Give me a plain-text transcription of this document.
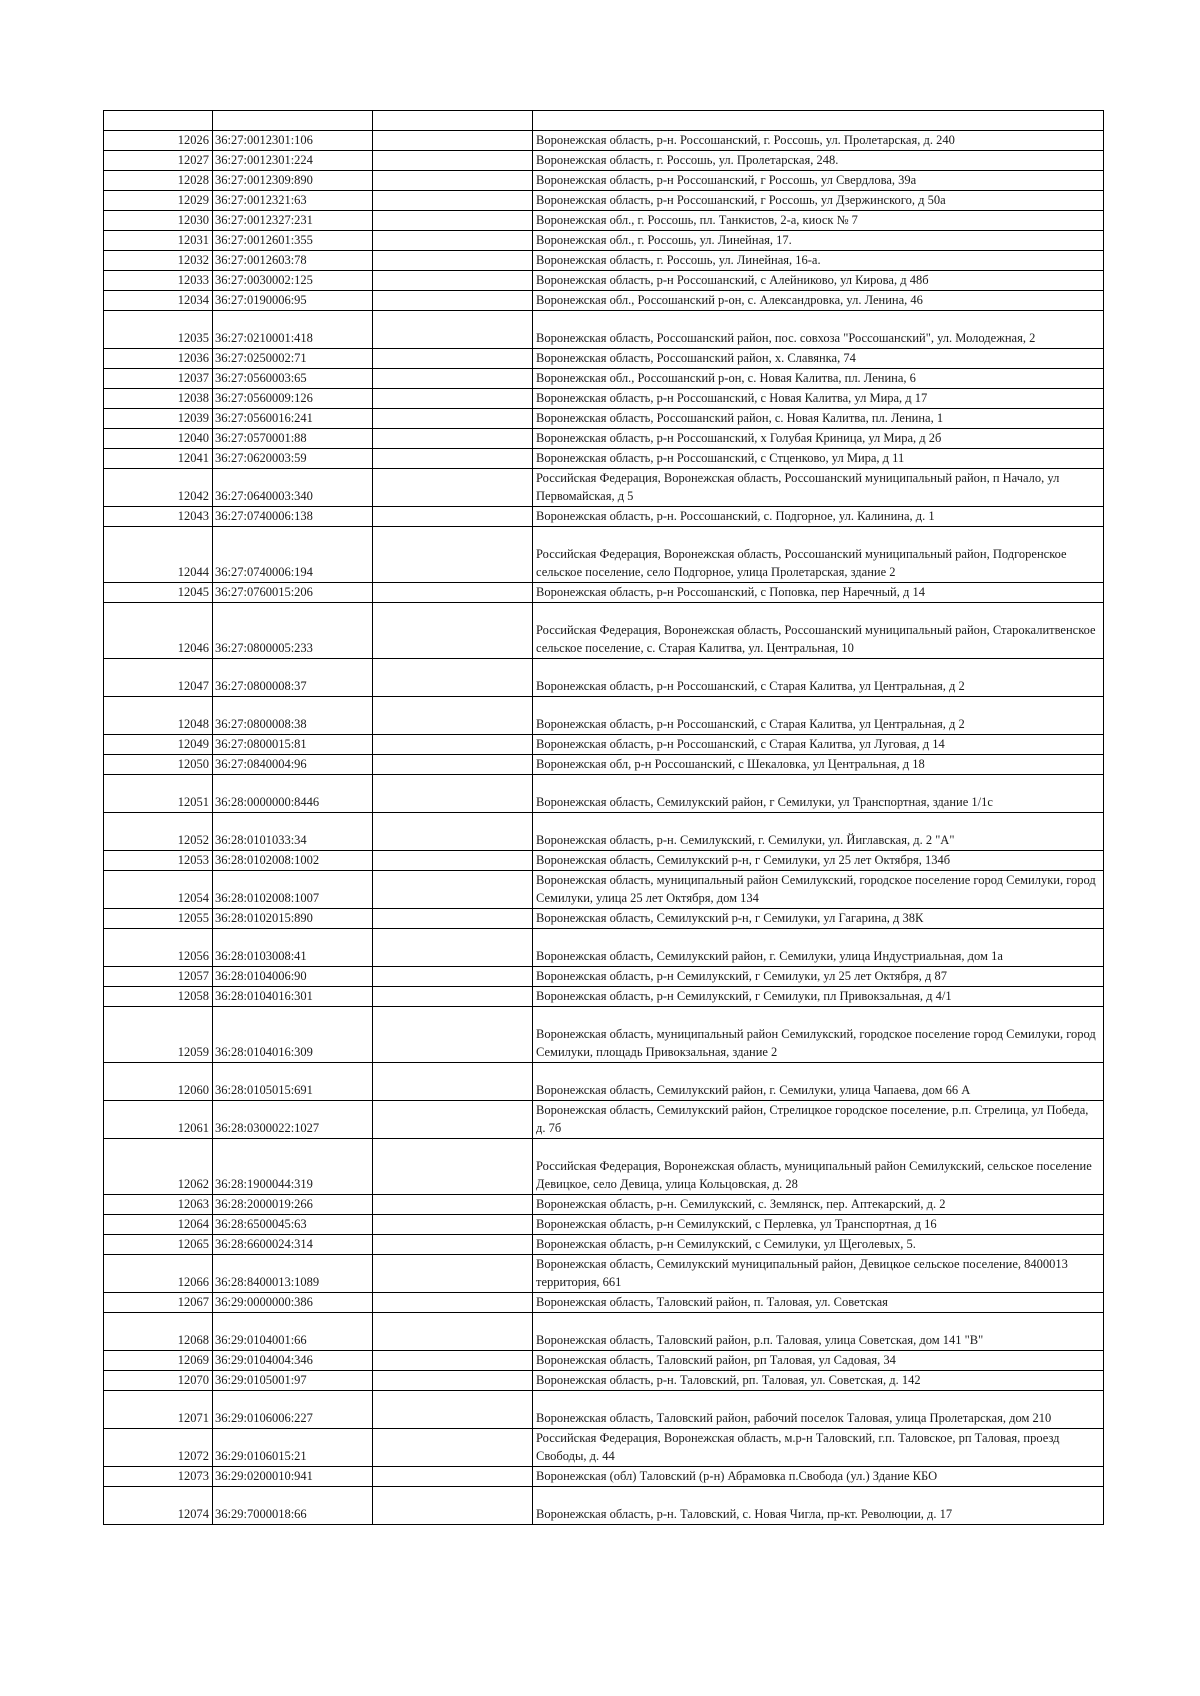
12026	36:27:0012301:106		Воронежская область, р-н. Россошанский, г. Россошь, ул. Пролетарская, д. 240
12027	36:27:0012301:224		Воронежская область, г. Россошь, ул. Пролетарская, 248.
12028	36:27:0012309:890		Воронежская область, р-н Россошанский, г Россошь, ул Свердлова, 39а
12029	36:27:0012321:63		Воронежская область, р-н Россошанский, г Россошь, ул Дзержинского, д 50а
12030	36:27:0012327:231		Воронежская обл., г. Россошь, пл. Танкистов, 2-а, киоск № 7
12031	36:27:0012601:355		Воронежская обл., г. Россошь, ул. Линейная, 17.
12032	36:27:0012603:78		Воронежская область, г. Россошь, ул. Линейная, 16-а.
12033	36:27:0030002:125		Воронежская область, р-н Россошанский, с Алейниково, ул Кирова, д 48б
12034	36:27:0190006:95		Воронежская обл., Россошанский р-он, с. Александровка, ул. Ленина, 46
12035	36:27:0210001:418		Воронежская область, Россошанский район, пос. совхоза "Россошанский", ул. Молодежная, 2
12036	36:27:0250002:71		Воронежская область, Россошанский район, х. Славянка, 74
12037	36:27:0560003:65		Воронежская обл., Россошанский р-он, с. Новая Калитва, пл. Ленина, 6
12038	36:27:0560009:126		Воронежская область, р-н Россошанский, с Новая Калитва, ул Мира, д 17
12039	36:27:0560016:241		Воронежская область, Россошанский район, с. Новая Калитва, пл. Ленина, 1
12040	36:27:0570001:88		Воронежская область, р-н Россошанский, х Голубая Криница, ул Мира, д 2б
12041	36:27:0620003:59		Воронежская область, р-н Россошанский, с Стценково, ул Мира, д 11
12042	36:27:0640003:340		Российская Федерация, Воронежская область, Россошанский муниципальный район, п Начало, ул Первомайская, д 5
12043	36:27:0740006:138		Воронежская область, р-н. Россошанский, с. Подгорное, ул. Калинина, д. 1
12044	36:27:0740006:194		Российская Федерация, Воронежская область, Россошанский муниципальный район, Подгоренское сельское поселение, село Подгорное, улица Пролетарская, здание 2
12045	36:27:0760015:206		Воронежская область, р-н Россошанский, с Поповка, пер Наречный, д 14
12046	36:27:0800005:233		Российская Федерация, Воронежская область, Россошанский муниципальный район, Старокалитвенское сельское поселение, с. Старая Калитва, ул. Центральная, 10
12047	36:27:0800008:37		Воронежская область, р-н Россошанский, с Старая Калитва, ул Центральная, д 2
12048	36:27:0800008:38		Воронежская область, р-н Россошанский, с Старая Калитва, ул Центральная, д 2
12049	36:27:0800015:81		Воронежская область, р-н Россошанский, с Старая Калитва, ул Луговая, д 14
12050	36:27:0840004:96		Воронежская обл, р-н Россошанский, с Шекаловка, ул Центральная, д 18
12051	36:28:0000000:8446		Воронежская область, Семилукский район, г Семилуки, ул Транспортная, здание 1/1с
12052	36:28:0101033:34		Воронежская область, р-н. Семилукский, г. Семилуки, ул. Йиглавская, д. 2 "А"
12053	36:28:0102008:1002		Воронежская область, Семилукский р-н, г Семилуки, ул 25 лет Октября, 134б
12054	36:28:0102008:1007		Воронежская область, муниципальный район Семилукский, городское поселение город Семилуки, город Семилуки, улица 25 лет Октября, дом 134
12055	36:28:0102015:890		Воронежская область, Семилукский р-н, г Семилуки, ул Гагарина, д 38К
12056	36:28:0103008:41		Воронежская область, Семилукский район, г. Семилуки, улица Индустриальная, дом 1а
12057	36:28:0104006:90		Воронежская область, р-н Семилукский, г Семилуки, ул 25 лет Октября, д 87
12058	36:28:0104016:301		Воронежская область, р-н Семилукский, г Семилуки, пл Привокзальная, д 4/1
12059	36:28:0104016:309		Воронежская область, муниципальный район Семилукский, городское поселение город Семилуки, город Семилуки, площадь Привокзальная, здание 2
12060	36:28:0105015:691		Воронежская область, Семилукский район, г. Семилуки, улица Чапаева, дом 66 А
12061	36:28:0300022:1027		Воронежская область, Семилукский район, Стрелицкое городское поселение, р.п. Стрелица, ул Победа, д. 7б
12062	36:28:1900044:319		Российская Федерация, Воронежская область, муниципальный район Семилукский, сельское поселение Девицкое, село Девица, улица Кольцовская, д. 28
12063	36:28:2000019:266		Воронежская область, р-н. Семилукский, с. Землянск, пер. Аптекарский, д. 2
12064	36:28:6500045:63		Воронежская область, р-н Семилукский, с Перлевка, ул Транспортная, д 16
12065	36:28:6600024:314		Воронежская область, р-н Семилукский, с Семилуки, ул Щеголевых, 5.
12066	36:28:8400013:1089		Воронежская область, Семилукский муниципальный район, Девицкое сельское поселение, 8400013 территория, 661
12067	36:29:0000000:386		Воронежская область, Таловский район, п. Таловая, ул. Советская
12068	36:29:0104001:66		Воронежская область, Таловский район, р.п. Таловая, улица Советская, дом 141 "В"
12069	36:29:0104004:346		Воронежская область, Таловский район, рп Таловая, ул Садовая, 34
12070	36:29:0105001:97		Воронежская область, р-н. Таловский, рп. Таловая, ул. Советская, д. 142
12071	36:29:0106006:227		Воронежская область, Таловский район, рабочий поселок Таловая, улица Пролетарская, дом 210
12072	36:29:0106015:21		Российская Федерация, Воронежская область, м.р-н Таловский, г.п. Таловское, рп Таловая, проезд Свободы, д. 44
12073	36:29:0200010:941		Воронежская (обл) Таловский (р-н) Абрамовка п.Свобода (ул.) Здание КБО
12074	36:29:7000018:66		Воронежская область, р-н. Таловский, с. Новая Чигла, пр-кт. Революции, д. 17
